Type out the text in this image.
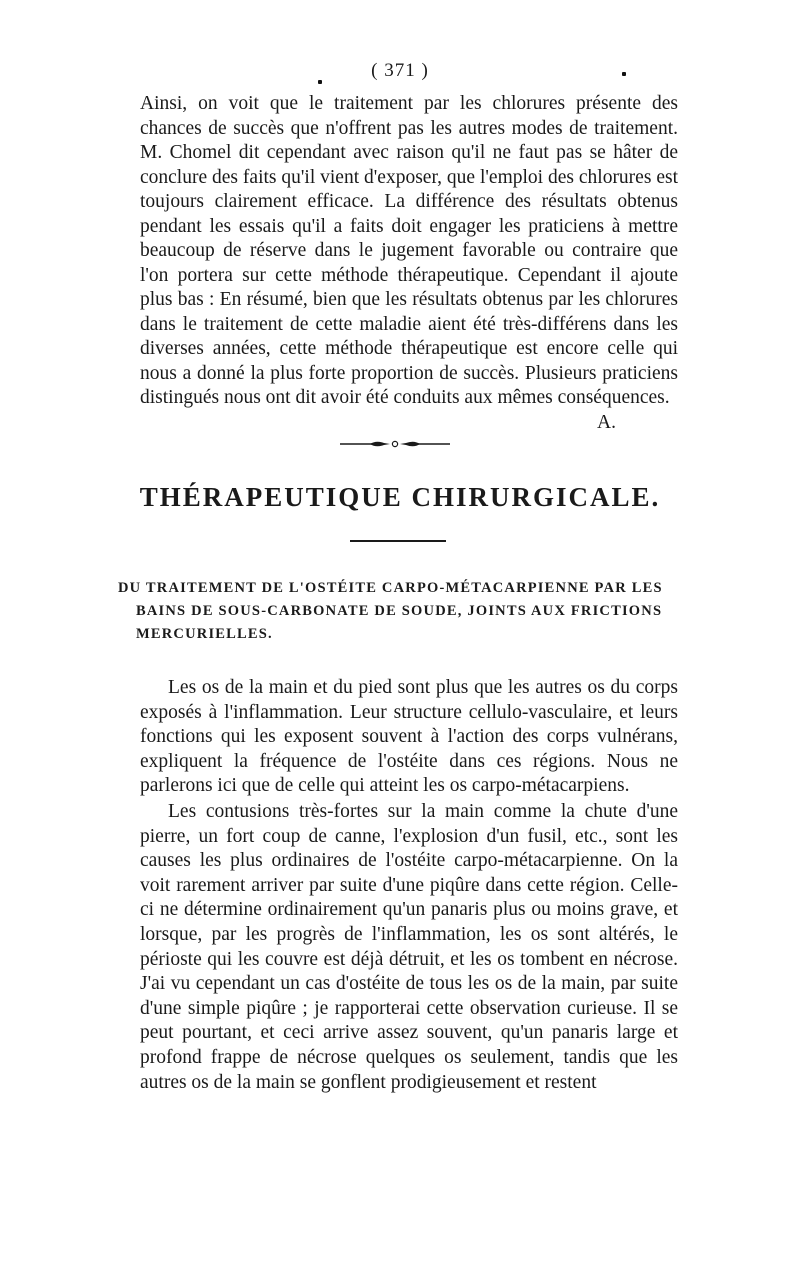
( 371 )

Ainsi, on voit que le traitement par les chlorures présente des chances de succès que n'offrent pas les autres modes de traitement. M. Chomel dit cependant avec raison qu'il ne faut pas se hâter de conclure des faits qu'il vient d'exposer, que l'emploi des chlorures est toujours clairement efficace. La différence des résultats obtenus pendant les essais qu'il a faits doit engager les praticiens à mettre beaucoup de réserve dans le jugement favorable ou contraire que l'on portera sur cette méthode thérapeutique. Cependant il ajoute plus bas : En résumé, bien que les résultats obtenus par les chlorures dans le traitement de cette maladie aient été très-différens dans les diverses années, cette méthode thérapeutique est encore celle qui nous a donné la plus forte proportion de succès. Plusieurs praticiens distingués nous ont dit avoir été conduits aux mêmes conséquences.
A.

THÉRAPEUTIQUE CHIRURGICALE.
DU TRAITEMENT DE L'OSTÉITE CARPO-MÉTACARPIENNE PAR LES
BAINS DE SOUS-CARBONATE DE SOUDE, JOINTS AUX FRICTIONS
MERCURIELLES.

Les os de la main et du pied sont plus que les autres os du corps exposés à l'inflammation. Leur structure cellulo-vasculaire, et leurs fonctions qui les exposent souvent à l'action des corps vulnérans, expliquent la fréquence de l'ostéite dans ces régions. Nous ne parlerons ici que de celle qui atteint les os carpo-métacarpiens.

Les contusions très-fortes sur la main comme la chute d'une pierre, un fort coup de canne, l'explosion d'un fusil, etc., sont les causes les plus ordinaires de l'ostéite carpo-métacarpienne. On la voit rarement arriver par suite d'une piqûre dans cette région. Celle-ci ne détermine ordinairement qu'un panaris plus ou moins grave, et lorsque, par les progrès de l'inflammation, les os sont altérés, le périoste qui les couvre est déjà détruit, et les os tombent en nécrose. J'ai vu cependant un cas d'ostéite de tous les os de la main, par suite d'une simple piqûre ; je rapporterai cette observation curieuse. Il se peut pourtant, et ceci arrive assez souvent, qu'un panaris large et profond frappe de nécrose quelques os seulement, tandis que les autres os de la main se gonflent prodigieusement et restent
